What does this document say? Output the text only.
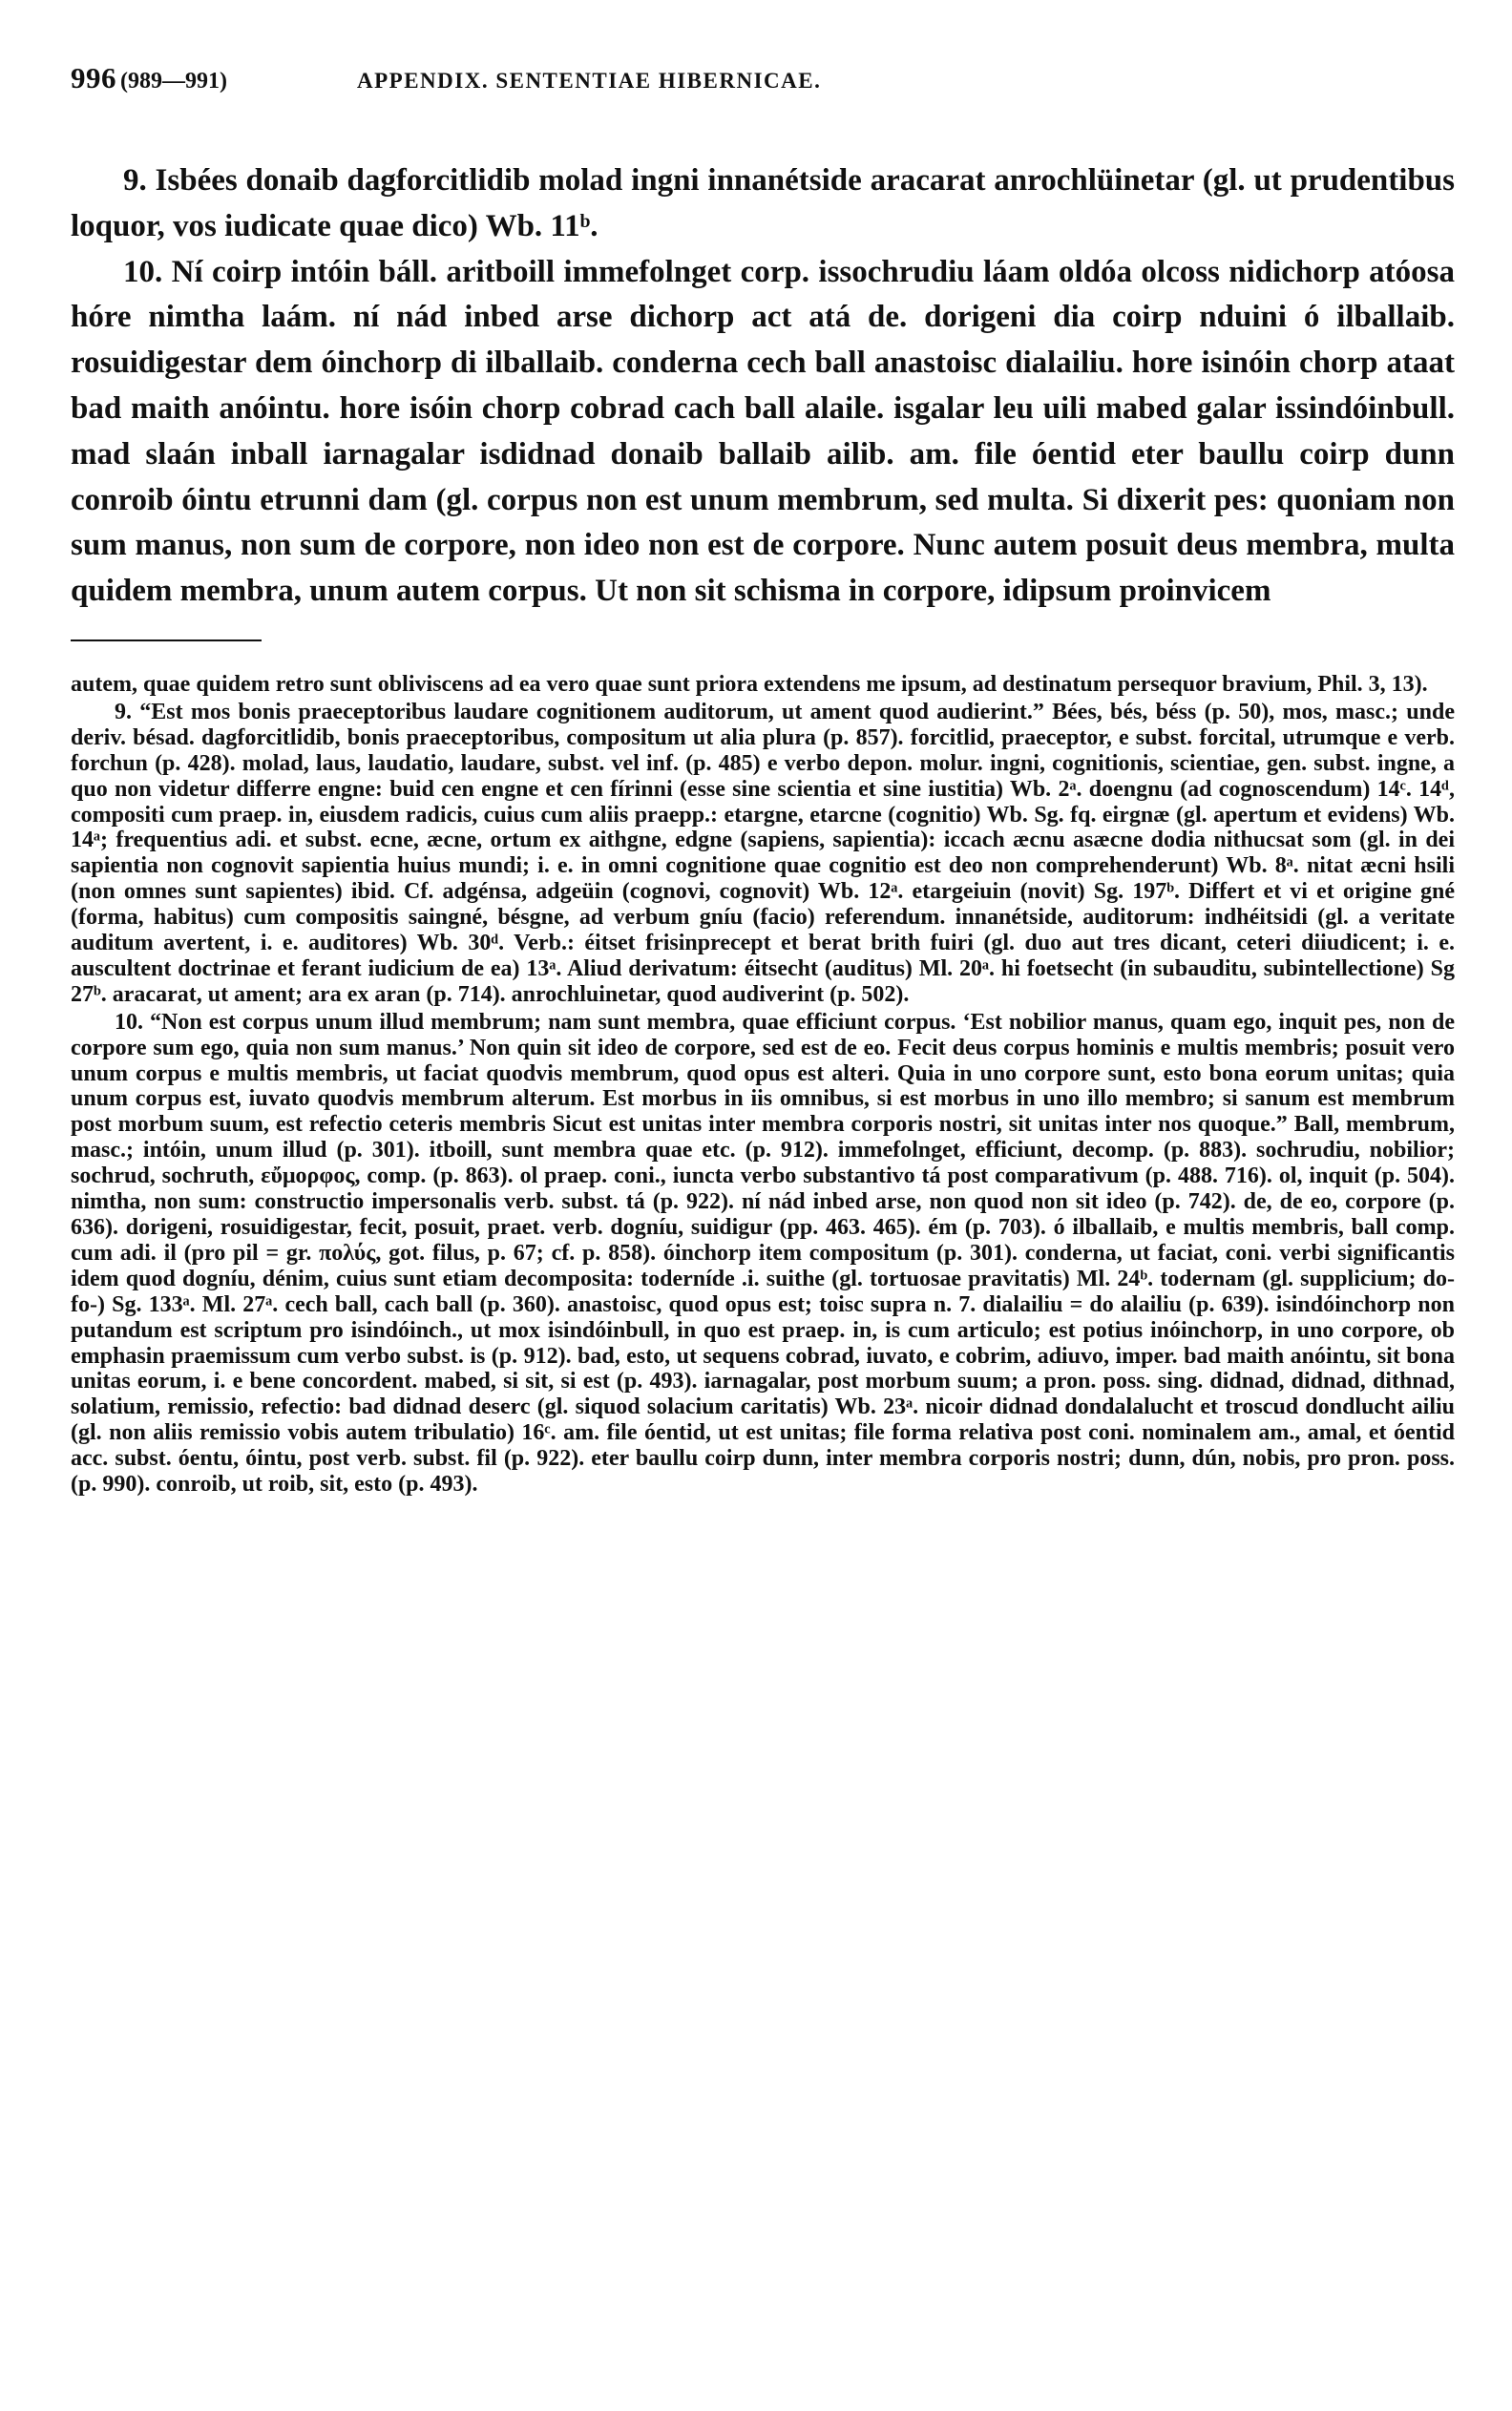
996 (989—991)	APPENDIX. SENTENTIAE HIBERNICAE.

9. Isbées donaib dagforcitlidib molad ingni innanétside aracarat anrochlüinetar (gl. ut prudentibus loquor, vos iudicate quae dico) Wb. 11ᵇ.

10. Ní coirp intóin báll. aritboill immefolnget corp. issochrudiu láam oldóa olcoss nidichorp atóosa hóre nimtha laám. ní nád inbed arse dichorp act atá de. dorigeni dia coirp nduini ó ilballaib. rosuidigestar dem óinchorp di ilballaib. conderna cech ball anastoisc dialailiu. hore isinóin chorp ataat bad maith anóintu. hore isóin chorp cobrad cach ball alaile. isgalar leu uili mabed galar issindóinbull. mad slaán inball iarnagalar isdidnad donaib ballaib ailib. am. file óentid eter baullu coirp dunn conroib óintu etrunni dam (gl. corpus non est unum membrum, sed multa. Si dixerit pes: quoniam non sum manus, non sum de corpore, non ideo non est de corpore. Nunc autem posuit deus membra, multa quidem membra, unum autem corpus. Ut non sit schisma in corpore, idipsum proinvicem

autem, quae quidem retro sunt obliviscens ad ea vero quae sunt priora extendens me ipsum, ad destinatum persequor bravium, Phil. 3, 13).

9. “Est mos bonis praeceptoribus laudare cognitionem auditorum, ut ament quod audierint.” Bées, bés, béss (p. 50), mos, masc.; unde deriv. bésad. dagforcitlidib, bonis praeceptoribus, compositum ut alia plura (p. 857). forcitlid, praeceptor, e subst. forcital, utrumque e verb. forchun (p. 428). molad, laus, laudatio, laudare, subst. vel inf. (p. 485) e verbo depon. molur. ingni, cognitionis, scientiae, gen. subst. ingne, a quo non videtur differre engne: buid cen engne et cen fírinni (esse sine scientia et sine iustitia) Wb. 2ᵃ. doengnu (ad cognoscendum) 14ᶜ. 14ᵈ, compositi cum praep. in, eiusdem radicis, cuius cum aliis praepp.: etargne, etarcne (cognitio) Wb. Sg. fq. eirgnæ (gl. apertum et evidens) Wb. 14ᵃ; frequentius adi. et subst. ecne, æcne, ortum ex aithgne, edgne (sapiens, sapientia): iccach æcnu asæcne dodia nithucsat som (gl. in dei sapientia non cognovit sapientia huius mundi; i. e. in omni cognitione quae cognitio est deo non comprehenderunt) Wb. 8ᵃ. nitat æcni hsili (non omnes sunt sapientes) ibid. Cf. adgénsa, adgeüin (cognovi, cognovit) Wb. 12ᵃ. etargeiuin (novit) Sg. 197ᵇ. Differt et vi et origine gné (forma, habitus) cum compositis saingné, bésgne, ad verbum gníu (facio) referendum. innanétside, auditorum: indhéitsidi (gl. a veritate auditum avertent, i. e. auditores) Wb. 30ᵈ. Verb.: éitset frisinprecept et berat brith fuiri (gl. duo aut tres dicant, ceteri diiudicent; i. e. auscultent doctrinae et ferant iudicium de ea) 13ᵃ. Aliud derivatum: éitsecht (auditus) Ml. 20ᵃ. hi foetsecht (in subauditu, subintellectione) Sg 27ᵇ. aracarat, ut ament; ara ex aran (p. 714). anrochluinetar, quod audiverint (p. 502).

10. “Non est corpus unum illud membrum; nam sunt membra, quae efficiunt corpus. ‘Est nobilior manus, quam ego, inquit pes, non de corpore sum ego, quia non sum manus.’ Non quin sit ideo de corpore, sed est de eo. Fecit deus corpus hominis e multis membris; posuit vero unum corpus e multis membris, ut faciat quodvis membrum, quod opus est alteri. Quia in uno corpore sunt, esto bona eorum unitas; quia unum corpus est, iuvato quodvis membrum alterum. Est morbus in iis omnibus, si est morbus in uno illo membro; si sanum est membrum post morbum suum, est refectio ceteris membris Sicut est unitas inter membra corporis nostri, sit unitas inter nos quoque.” Ball, membrum, masc.; intóin, unum illud (p. 301). itboill, sunt membra quae etc. (p. 912). immefolnget, efficiunt, decomp. (p. 883). sochrudiu, nobilior; sochrud, sochruth, εὔμορφος, comp. (p. 863). ol praep. coni., iuncta verbo substantivo tá post comparativum (p. 488. 716). ol, inquit (p. 504). nimtha, non sum: constructio impersonalis verb. subst. tá (p. 922). ní nád inbed arse, non quod non sit ideo (p. 742). de, de eo, corpore (p. 636). dorigeni, rosuidigestar, fecit, posuit, praet. verb. dogníu, suidigur (pp. 463. 465). ém (p. 703). ó ilballaib, e multis membris, ball comp. cum adi. il (pro pil = gr. πολύς, got. filus, p. 67; cf. p. 858). óinchorp item compositum (p. 301). conderna, ut faciat, coni. verbi significantis idem quod dogníu, dénim, cuius sunt etiam decomposita: toderníde .i. suithe (gl. tortuosae pravitatis) Ml. 24ᵇ. todernam (gl. supplicium; do-fo-) Sg. 133ᵃ. Ml. 27ᵃ. cech ball, cach ball (p. 360). anastoisc, quod opus est; toisc supra n. 7. dialailiu = do alailiu (p. 639). isindóinchorp non putandum est scriptum pro isindóinch., ut mox isindóinbull, in quo est praep. in, is cum articulo; est potius inóinchorp, in uno corpore, ob emphasin praemissum cum verbo subst. is (p. 912). bad, esto, ut sequens cobrad, iuvato, e cobrim, adiuvo, imper. bad maith anóintu, sit bona unitas eorum, i. e bene concordent. mabed, si sit, si est (p. 493). iarnagalar, post morbum suum; a pron. poss. sing. didnad, didnad, dithnad, solatium, remissio, refectio: bad didnad deserc (gl. siquod solacium caritatis) Wb. 23ᵃ. nicoir didnad dondalalucht et troscud dondlucht ailiu (gl. non aliis remissio vobis autem tribulatio) 16ᶜ. am. file óentid, ut est unitas; file forma relativa post coni. nominalem am., amal, et óentid acc. subst. óentu, óintu, post verb. subst. fil (p. 922). eter baullu coirp dunn, inter membra corporis nostri; dunn, dún, nobis, pro pron. poss. (p. 990). conroib, ut roib, sit, esto (p. 493).
